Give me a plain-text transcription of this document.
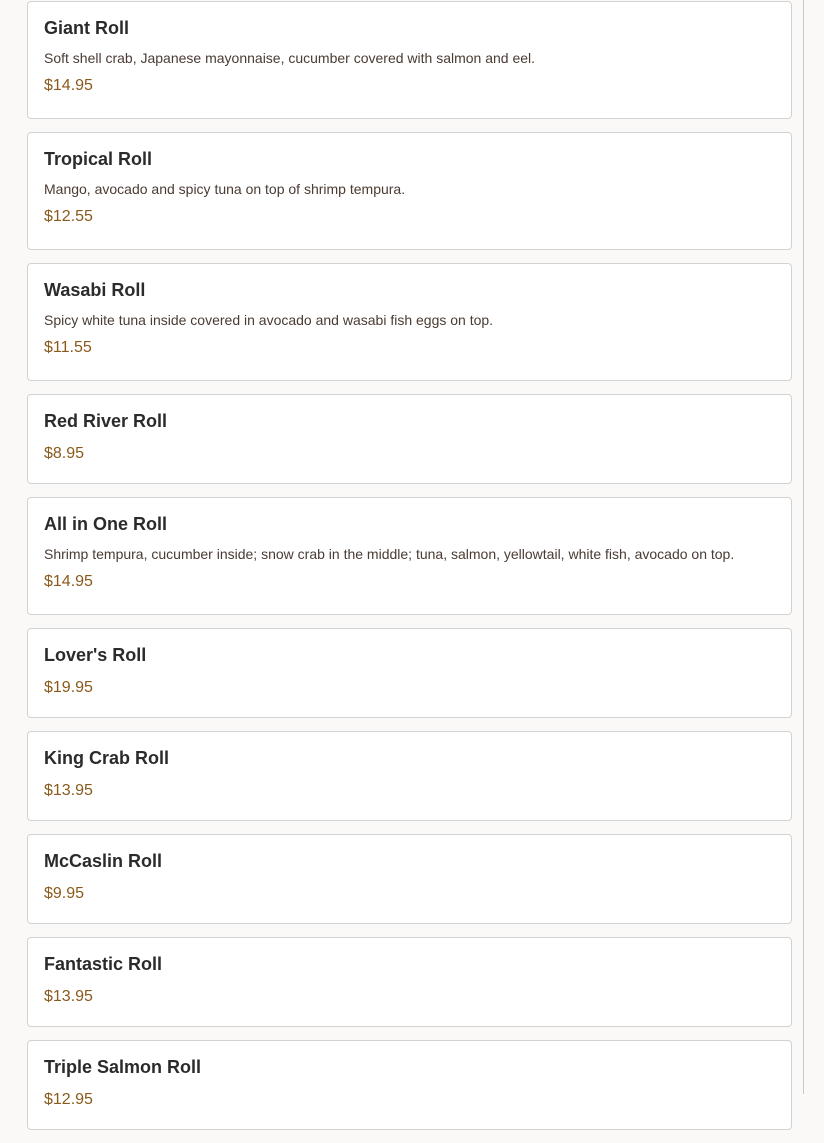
Giant Roll
Soft shell crab, Japanese mayonnaise, cucumber covered with salmon and eel.
$14.95
Tropical Roll
Mango, avocado and spicy tuna on top of shrimp tempura.
$12.55
Wasabi Roll
Spicy white tuna inside covered in avocado and wasabi fish eggs on top.
$11.55
Red River Roll
$8.95
All in One Roll
Shrimp tempura, cucumber inside; snow crab in the middle; tuna, salmon, yellowtail, white fish, avocado on top.
$14.95
Lover's Roll
$19.95
King Crab Roll
$13.95
McCaslin Roll
$9.95
Fantastic Roll
$13.95
Triple Salmon Roll
$12.95
